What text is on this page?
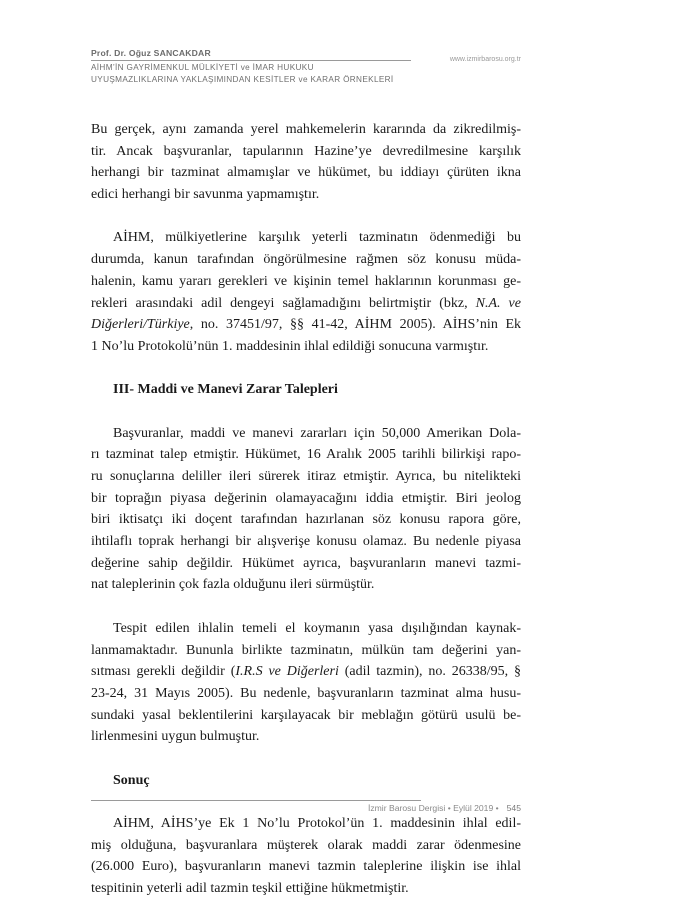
Prof. Dr. Oğuz SANCAKDAR
www.izmirbarosu.org.tr
AİHM’İN GAYRİMENKUL MÜLKİYETİ ve İMAR HUKUKU
UYUŞMAZLIKLARINA YAKLAŞIMINDAN KESİTLER ve KARAR ÖRNEKLERİ
Bu gerçek, aynı zamanda yerel mahkemelerin kararında da zikredilmiş-
tir. Ancak başvuranlar, tapularının Hazine’ye devredilmesine karşılık
herhangi bir tazminat almamışlar ve hükümet, bu iddiayı çürüten ikna
edici herhangi bir savunma yapmamıştır.
AİHM, mülkiyetlerine karşılık yeterli tazminatın ödenmediği bu
durumda, kanun tarafından öngörülmesine rağmen söz konusu müda-
halenin, kamu yararı gerekleri ve kişinin temel haklarının korunması ge-
rekleri arasındaki adil dengeyi sağlamadığını belirtmiştir (bkz, N.A. ve
Diğerleri/Türkiye, no. 37451/97, §§ 41-42, AİHM 2005). AİHS’nin Ek
1 No’lu Protokolü’nün 1. maddesinin ihlal edildiği sonucuna varmıştır.
III- Maddi ve Manevi Zarar Talepleri
Başvuranlar, maddi ve manevi zararları için 50,000 Amerikan Dola-
rı tazminat talep etmiştir. Hükümet, 16 Aralık 2005 tarihli bilirkişi rapo-
ru sonuçlarına deliller ileri sürerek itiraz etmiştir. Ayrıca, bu nitelikteki
bir toprağın piyasa değerinin olamayacağını iddia etmiştir. Biri jeolog
biri iktisatçı iki doçent tarafından hazırlanan söz konusu rapora göre,
ihtilaflı toprak herhangi bir alışverişe konusu olamaz. Bu nedenle piyasa
değerine sahip değildir. Hükümet ayrıca, başvuranların manevi tazmi-
nat taleplerinin çok fazla olduğunu ileri sürmüştür.
Tespit edilen ihlalin temeli el koymanın yasa dışılığından kaynak-
lanmamaktadır. Bununla birlikte tazminatın, mülkün tam değerini yan-
sıtması gerekli değildir (I.R.S ve Diğerleri (adil tazmin), no. 26338/95, §
23-24, 31 Mayıs 2005). Bu nedenle, başvuranların tazminat alma husu-
sundaki yasal beklentilerini karşılayacak bir meblağın götürü usulü be-
lirlenmesini uygun bulmuştur.
Sonuç
AİHM, AİHS’ye Ek 1 No’lu Protokol’ün 1. maddesinin ihlal edil-
miş olduğuna, başvuranlara müşterek olarak maddi zarar ödenmesine
(26.000 Euro), başvuranların manevi tazmin taleplerine ilişkin ise ihlal
tespitinin yeterli adil tazmin teşkil ettiğine hükmetmiştir.
İzmir Barosu Dergisi • Eylül 2019 • 545
